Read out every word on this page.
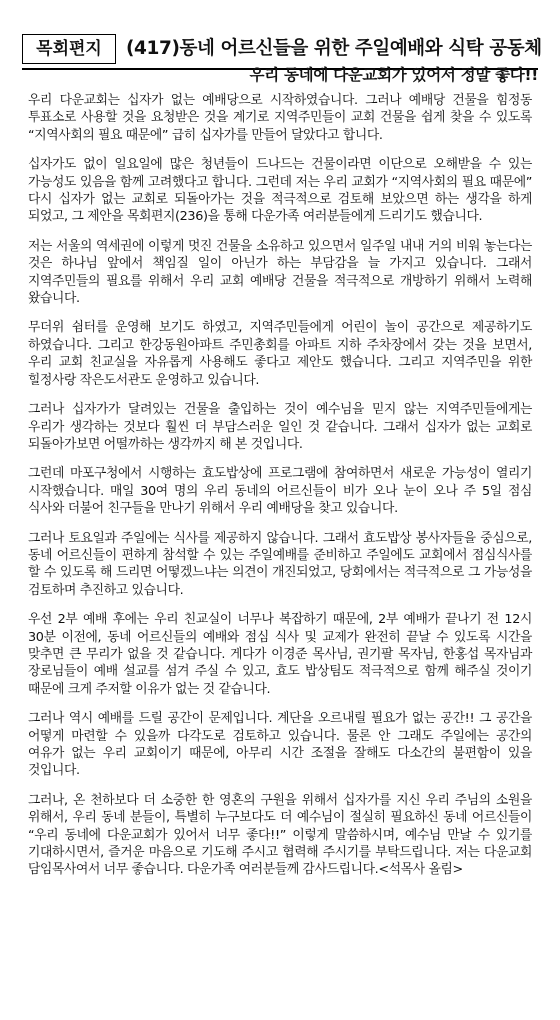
목회편지	(417)동네 어르신들을 위한 주일예배와 식탁 공동체
우리 동네에 다운교회가 있어서 정말 좋다!!

우리 다운교회는 십자가 없는 예배당으로 시작하였습니다. 그러나 예배당 건물을 힘정동 투표소로 사용할 것을 요청받은 것을 계기로 지역주민들이 교회 건물을 쉽게 찾을 수 있도록 “지역사회의 필요 때문에” 급히 십자가를 만들어 달았다고 합니다.

십자가도 없이 일요일에 많은 청년들이 드나드는 건물이라면 이단으로 오해받을 수 있는 가능성도 있음을 함께 고려했다고 합니다. 그런데 저는 우리 교회가 “지역사회의 필요 때문에” 다시 십자가 없는 교회로 되돌아가는 것을 적극적으로 검토해 보았으면 하는 생각을 하게 되었고, 그 제안을 목회편지(236)을 통해 다운가족 여러분들에게 드리기도 했습니다.

저는 서울의 역세권에 이렇게 멋진 건물을 소유하고 있으면서 일주일 내내 거의 비워 놓는다는 것은 하나님 앞에서 책임질 일이 아닌가 하는 부담감을 늘 가지고 있습니다. 그래서 지역주민들의 필요를 위해서 우리 교회 예배당 건물을 적극적으로 개방하기 위해서 노력해 왔습니다.

무더위 쉼터를 운영해 보기도 하였고, 지역주민들에게 어린이 놀이 공간으로 제공하기도 하였습니다. 그리고 한강동원아파트 주민총회를 아파트 지하 주차장에서 갖는 것을 보면서, 우리 교회 친교실을 자유롭게 사용해도 좋다고 제안도 했습니다. 그리고 지역주민을 위한 힐정사랑 작은도서관도 운영하고 있습니다.

그러나 십자가가 달려있는 건물을 출입하는 것이 예수님을 믿지 않는 지역주민들에게는 우리가 생각하는 것보다 훨씬 더 부담스러운 일인 것 같습니다. 그래서 십자가 없는 교회로 되돌아가보면 어떨까하는 생각까지 해 본 것입니다.

그런데 마포구청에서 시행하는 효도밥상에 프로그램에 참여하면서 새로운 가능성이 열리기 시작했습니다. 매일 30여 명의 우리 동네의 어르신들이 비가 오나 눈이 오나 주 5일 점심 식사와 더불어 친구들을 만나기 위해서 우리 예배당을 찾고 있습니다.

그러나 토요일과 주일에는 식사를 제공하지 않습니다. 그래서 효도밥상 봉사자들을 중심으로, 동네 어르신들이 편하게 참석할 수 있는 주일예배를 준비하고 주일에도 교회에서 점심식사를 할 수 있도록 해 드리면 어떻겠느냐는 의견이 개진되었고, 당회에서는 적극적으로 그 가능성을 검토하며 추진하고 있습니다.

우선 2부 예배 후에는 우리 친교실이 너무나 복잡하기 때문에, 2부 예배가 끝나기 전 12시 30분 이전에, 동네 어르신들의 예배와 점심 식사 및 교제가 완전히 끝날 수 있도록 시간을 맞추면 큰 무리가 없을 것 같습니다. 게다가 이경준 목사님, 권기팔 목자님, 한홍섭 목자님과 장로님들이 예배 설교를 섬겨 주실 수 있고, 효도 밥상팀도 적극적으로 함께 해주실 것이기 때문에 크게 주저할 이유가 없는 것 같습니다.

그러나 역시 예배를 드릴 공간이 문제입니다. 계단을 오르내릴 필요가 없는 공간!! 그 공간을 어떻게 마련할 수 있을까 다각도로 검토하고 있습니다. 물론 안 그래도 주일에는 공간의 여유가 없는 우리 교회이기 때문에, 아무리 시간 조절을 잘해도 다소간의 불편함이 있을 것입니다.

그러나, 온 천하보다 더 소중한 한 영혼의 구원을 위해서 십자가를 지신 우리 주님의 소원을 위해서, 우리 동네 분들이, 특별히 누구보다도 더 예수님이 절실히 필요하신 동네 어르신들이 “우리 동네에 다운교회가 있어서 너무 좋다!!” 이렇게 말씀하시며, 예수님 만날 수 있기를 기대하시면서, 즐거운 마음으로 기도해 주시고 협력해 주시기를 부탁드립니다. 저는 다운교회 담임목사여서 너무 좋습니다. 다운가족 여러분들께 감사드립니다.<석목사 올림>
